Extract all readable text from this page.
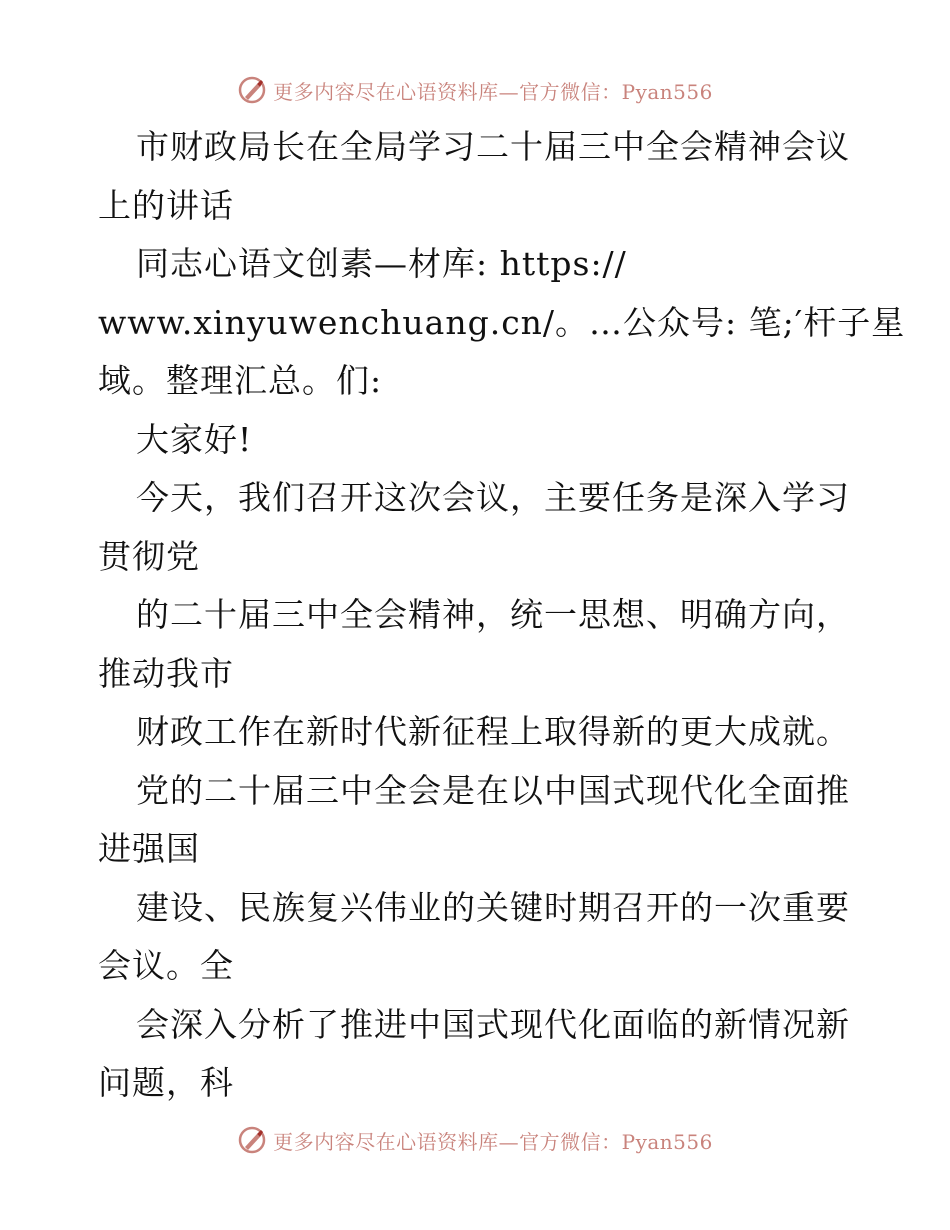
更多内容尽在心语资料库—官方微信：Pyan556

市财政局长在全局学习二十届三中全会精神会议

上的讲话

同志心语文创素—材库: https://

www.xinyuwenchuang.cn/。…公众号: 笔;′杆子星

域。整理汇总。们:

大家好!

今天，我们召开这次会议，主要任务是深入学习

贯彻党

的二十届三中全会精神，统一思想、明确方向，

推动我市

财政工作在新时代新征程上取得新的更大成就。

党的二十届三中全会是在以中国式现代化全面推

进强国

建设、民族复兴伟业的关键时期召开的一次重要

会议。全

会深入分析了推进中国式现代化面临的新情况新

问题，科

更多内容尽在心语资料库—官方微信：Pyan556
